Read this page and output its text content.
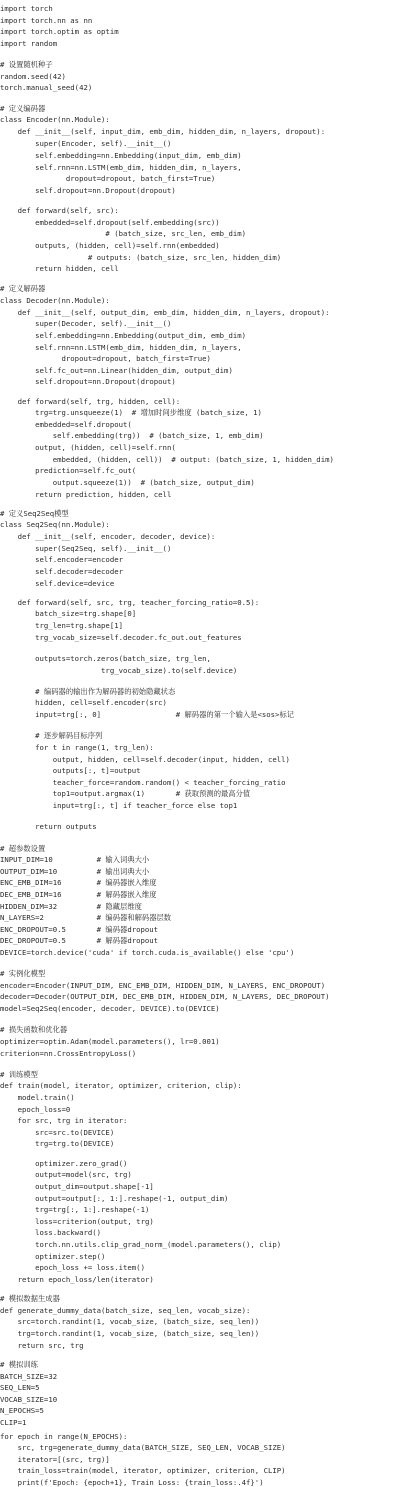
import torch
import torch.nn as nn
import torch.optim as optim
import random
# 设置随机种子
random.seed(42)
torch.manual_seed(42)
# 定义编码器
class Encoder(nn.Module):
def __init__(self, input_dim, emb_dim, hidden_dim, n_layers, dropout):
super(Encoder, self).__init__()
self.embedding=nn.Embedding(input_dim, emb_dim)
self.rnn=nn.LSTM(emb_dim, hidden_dim, n_layers,
dropout=dropout, batch_first=True)
self.dropout=nn.Dropout(dropout)
def forward(self, src):
embedded=self.dropout(self.embedding(src))
# (batch_size, src_len, emb_dim)
outputs, (hidden, cell)=self.rnn(embedded)
# outputs: (batch_size, src_len, hidden_dim)
return hidden, cell
# 定义解码器
class Decoder(nn.Module):
def __init__(self, output_dim, emb_dim, hidden_dim, n_layers, dropout):
super(Decoder, self).__init__()
self.embedding=nn.Embedding(output_dim, emb_dim)
self.rnn=nn.LSTM(emb_dim, hidden_dim, n_layers,
dropout=dropout, batch_first=True)
self.fc_out=nn.Linear(hidden_dim, output_dim)
self.dropout=nn.Dropout(dropout)
def forward(self, trg, hidden, cell):
trg=trg.unsqueeze(1)  # 增加时间步维度 (batch_size, 1)
embedded=self.dropout(
self.embedding(trg))  # (batch_size, 1, emb_dim)
output, (hidden, cell)=self.rnn(
embedded, (hidden, cell))  # output: (batch_size, 1, hidden_dim)
prediction=self.fc_out(
output.squeeze(1))  # (batch_size, output_dim)
return prediction, hidden, cell
# 定义Seq2Seq模型
class Seq2Seq(nn.Module):
def __init__(self, encoder, decoder, device):
super(Seq2Seq, self).__init__()
self.encoder=encoder
self.decoder=decoder
self.device=device
def forward(self, src, trg, teacher_forcing_ratio=0.5):
batch_size=trg.shape[0]
trg_len=trg.shape[1]
trg_vocab_size=self.decoder.fc_out.out_features
outputs=torch.zeros(batch_size, trg_len,
trg_vocab_size).to(self.device)
# 编码器的输出作为解码器的初始隐藏状态
hidden, cell=self.encoder(src)
input=trg[:, 0]                 # 解码器的第一个输入是<sos>标记
# 逐步解码目标序列
for t in range(1, trg_len):
output, hidden, cell=self.decoder(input, hidden, cell)
outputs[:, t]=output
teacher_force=random.random() < teacher_forcing_ratio
top1=output.argmax(1)       # 获取预测的最高分值
input=trg[:, t] if teacher_force else top1
return outputs
# 超参数设置
INPUT_DIM=10          # 输入词典大小
OUTPUT_DIM=10         # 输出词典大小
ENC_EMB_DIM=16        # 编码器嵌入维度
DEC_EMB_DIM=16        # 解码器嵌入维度
HIDDEN_DIM=32         # 隐藏层维度
N_LAYERS=2            # 编码器和解码器层数
ENC_DROPOUT=0.5       # 编码器dropout
DEC_DROPOUT=0.5       # 解码器dropout
DEVICE=torch.device('cuda' if torch.cuda.is_available() else 'cpu')
# 实例化模型
encoder=Encoder(INPUT_DIM, ENC_EMB_DIM, HIDDEN_DIM, N_LAYERS, ENC_DROPOUT)
decoder=Decoder(OUTPUT_DIM, DEC_EMB_DIM, HIDDEN_DIM, N_LAYERS, DEC_DROPOUT)
model=Seq2Seq(encoder, decoder, DEVICE).to(DEVICE)
# 损失函数和优化器
optimizer=optim.Adam(model.parameters(), lr=0.001)
criterion=nn.CrossEntropyLoss()
# 训练模型
def train(model, iterator, optimizer, criterion, clip):
model.train()
epoch_loss=0
for src, trg in iterator:
src=src.to(DEVICE)
trg=trg.to(DEVICE)
optimizer.zero_grad()
output=model(src, trg)
output_dim=output.shape[-1]
output=output[:, 1:].reshape(-1, output_dim)
trg=trg[:, 1:].reshape(-1)
loss=criterion(output, trg)
loss.backward()
torch.nn.utils.clip_grad_norm_(model.parameters(), clip)
optimizer.step()
epoch_loss += loss.item()
return epoch_loss/len(iterator)
# 模拟数据生成器
def generate_dummy_data(batch_size, seq_len, vocab_size):
src=torch.randint(1, vocab_size, (batch_size, seq_len))
trg=torch.randint(1, vocab_size, (batch_size, seq_len))
return src, trg
# 模拟训练
BATCH_SIZE=32
SEQ_LEN=5
VOCAB_SIZE=10
N_EPOCHS=5
CLIP=1
for epoch in range(N_EPOCHS):
src, trg=generate_dummy_data(BATCH_SIZE, SEQ_LEN, VOCAB_SIZE)
iterator=[(src, trg)]
train_loss=train(model, iterator, optimizer, criterion, CLIP)
print(f'Epoch: {epoch+1}, Train Loss: {train_loss:.4f}')
